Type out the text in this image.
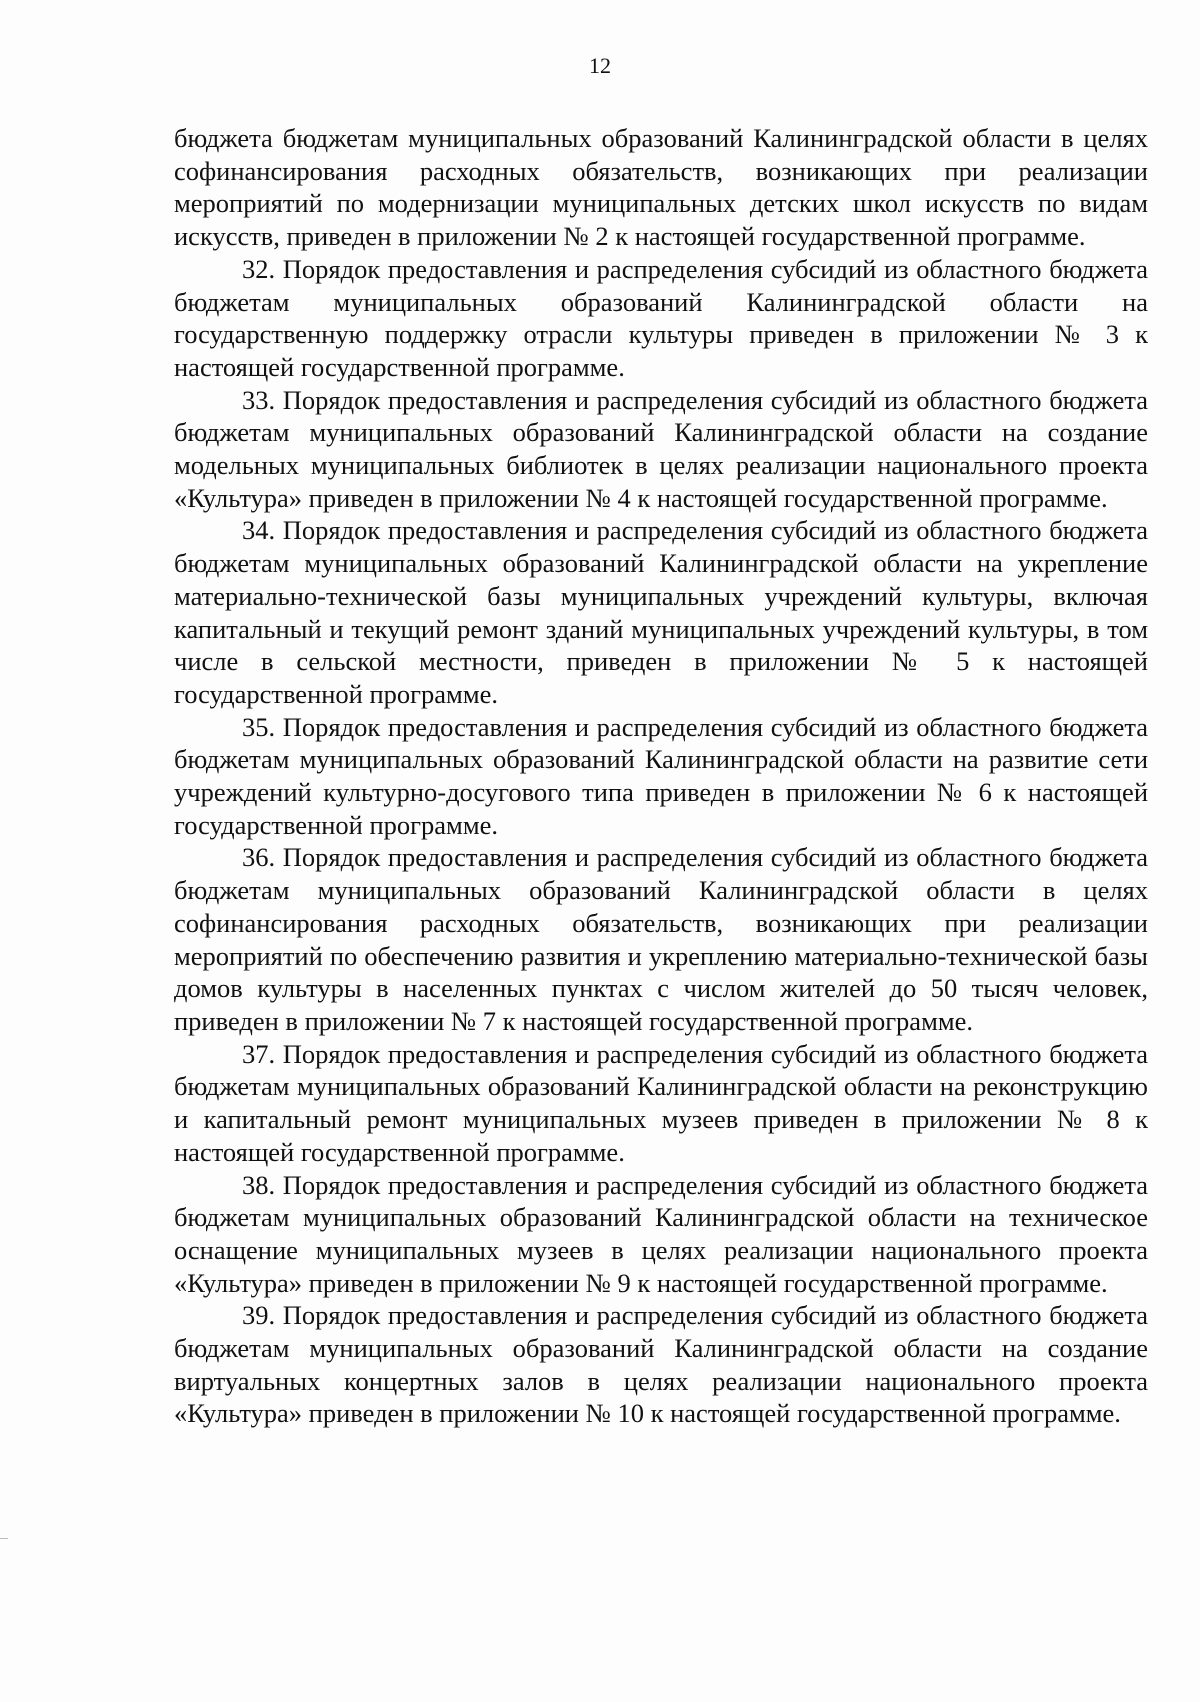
12

бюджета бюджетам муниципальных образований Калининградской области в целях софинансирования расходных обязательств, возникающих при реализации мероприятий по модернизации муниципальных детских школ искусств по видам искусств, приведен в приложении № 2 к настоящей государственной программе.

32. Порядок предоставления и распределения субсидий из областного бюджета бюджетам муниципальных образований Калининградской области на государственную поддержку отрасли культуры приведен в приложении № 3 к настоящей государственной программе.

33. Порядок предоставления и распределения субсидий из областного бюджета бюджетам муниципальных образований Калининградской области на создание модельных муниципальных библиотек в целях реализации национального проекта «Культура» приведен в приложении № 4 к настоящей государственной программе.

34. Порядок предоставления и распределения субсидий из областного бюджета бюджетам муниципальных образований Калининградской области на укрепление материально-технической базы муниципальных учреждений культуры, включая капитальный и текущий ремонт зданий муниципальных учреждений культуры, в том числе в сельской местности, приведен в приложении № 5 к настоящей государственной программе.

35. Порядок предоставления и распределения субсидий из областного бюджета бюджетам муниципальных образований Калининградской области на развитие сети учреждений культурно-досугового типа приведен в приложении № 6 к настоящей государственной программе.

36. Порядок предоставления и распределения субсидий из областного бюджета бюджетам муниципальных образований Калининградской области в целях софинансирования расходных обязательств, возникающих при реализации мероприятий по обеспечению развития и укреплению материально-технической базы домов культуры в населенных пунктах с числом жителей до 50 тысяч человек, приведен в приложении № 7 к настоящей государственной программе.

37. Порядок предоставления и распределения субсидий из областного бюджета бюджетам муниципальных образований Калининградской области на реконструкцию и капитальный ремонт муниципальных музеев приведен в приложении № 8 к настоящей государственной программе.

38. Порядок предоставления и распределения субсидий из областного бюджета бюджетам муниципальных образований Калининградской области на техническое оснащение муниципальных музеев в целях реализации национального проекта «Культура» приведен в приложении № 9 к настоящей государственной программе.

39. Порядок предоставления и распределения субсидий из областного бюджета бюджетам муниципальных образований Калининградской области на создание виртуальных концертных залов в целях реализации национального проекта «Культура» приведен в приложении № 10 к настоящей государственной программе.
